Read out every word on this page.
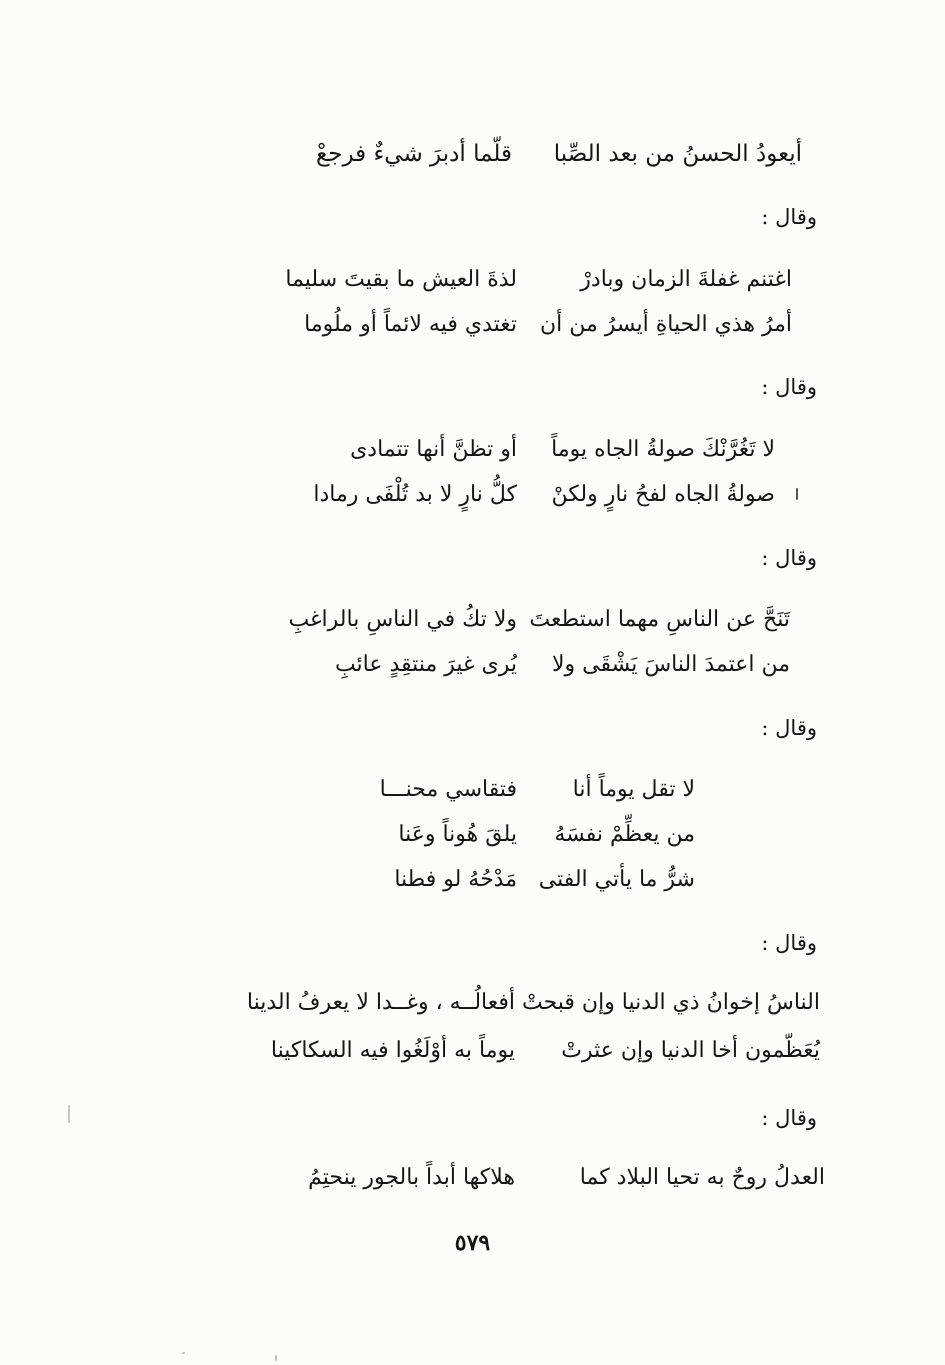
أيعودُ الحسنُ من بعد الصِّبا
قلّما أدبرَ شيءٌ فرجعْ
وقال :
اغتنم غفلةَ الزمان وبادرْ
لذةَ العيش ما بقيتَ سليما
أمرُ هذي الحياةِ أيسرُ من أن
تغتدي فيه لائماً أو ملُوما
وقال :
لا تَغُرَّنْكَ صولةُ الجاه يوماً
أو تظنَّ أنها تتمادى
صولةُ الجاه لفحُ نارٍ ولكنْ
كلُّ نارٍ لا بد تُلْفَى رمادا
وقال :
تَنَحَّ عن الناسِ مهما استطعتَ
ولا تكُ في الناسِ بالراغبِ
من اعتمدَ الناسَ يَشْقَى ولا
يُرى غيرَ منتقِدٍ عائبِ
وقال :
لا تقل يوماً أنا
فتقاسي محنـــا
من يعظِّمْ نفسَهُ
يلقَ هُوناً وعَنا
شرُّ ما يأتي الفتى
مَدْحُهُ لو فطنا
وقال :
الناسُ إخوانُ ذي الدنيا وإن قبحتْ
أفعالُــه ، وغــدا لا يعرفُ الدينا
يُعَظّمون أخا الدنيا وإن عثرتْ
يوماً به أوْلَغُوا فيه السكاكينا
وقال :
العدلُ روحٌ به تحيا البلاد كما
هلاكها أبداً بالجور ينحتِمُ
٥٧٩
